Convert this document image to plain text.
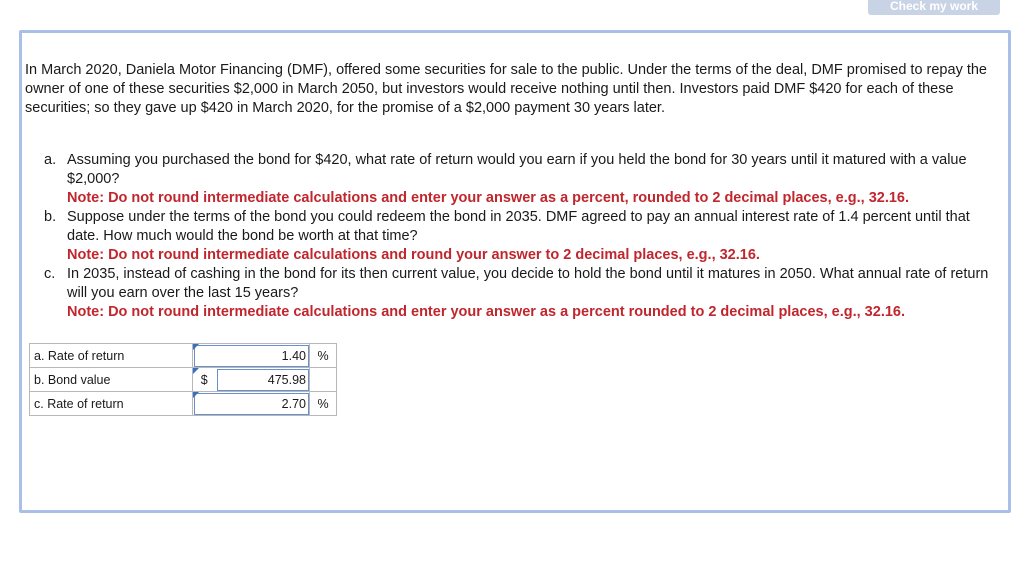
Check my work

In March 2020, Daniela Motor Financing (DMF), offered some securities for sale to the public. Under the terms of the deal, DMF promised to repay the owner of one of these securities $2,000 in March 2050, but investors would receive nothing until then. Investors paid DMF $420 for each of these securities; so they gave up $420 in March 2020, for the promise of a $2,000 payment 30 years later.

a. Assuming you purchased the bond for $420, what rate of return would you earn if you held the bond for 30 years until it matured with a value $2,000?
Note: Do not round intermediate calculations and enter your answer as a percent, rounded to 2 decimal places, e.g., 32.16.
b. Suppose under the terms of the bond you could redeem the bond in 2035. DMF agreed to pay an annual interest rate of 1.4 percent until that date. How much would the bond be worth at that time?
Note: Do not round intermediate calculations and round your answer to 2 decimal places, e.g., 32.16.
c. In 2035, instead of cashing in the bond for its then current value, you decide to hold the bond until it matures in 2050. What annual rate of return will you earn over the last 15 years?
Note: Do not round intermediate calculations and enter your answer as a percent rounded to 2 decimal places, e.g., 32.16.
a. Rate of return	1.40		%
b. Bond value	$	475.98	
c. Rate of return	2.70		%
